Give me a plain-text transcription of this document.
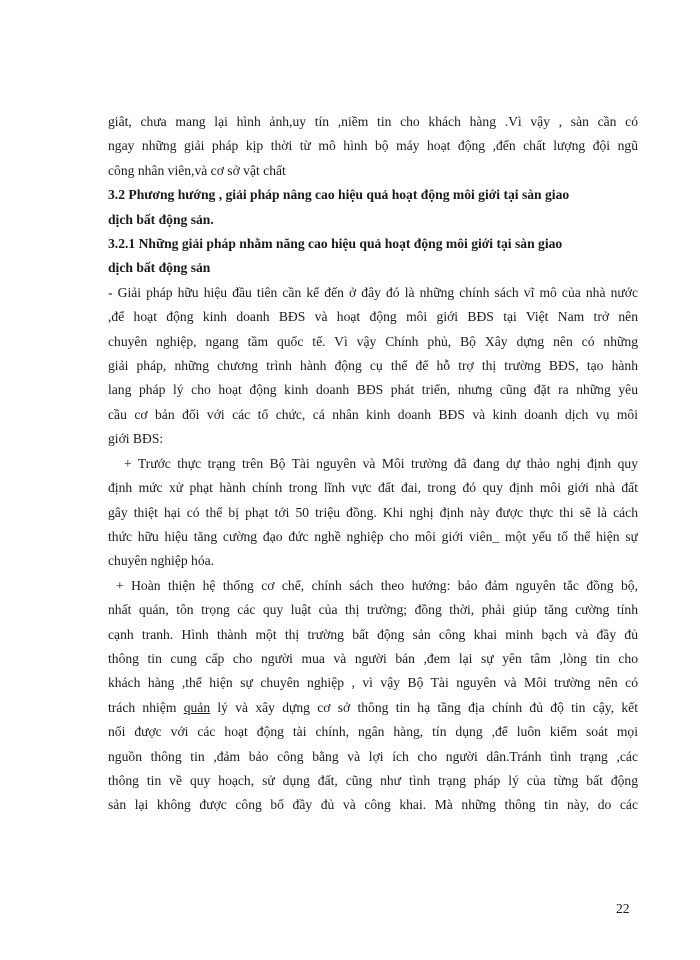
giât, chưa mang lại hình ảnh,uy tín ,niềm tin cho khách hàng .Vì vậy , sàn cần có
ngay những giải pháp kịp thời từ mô hình bộ máy hoạt động ,đến chất lượng đội ngũ
công nhân viên,và cơ sở vật chất
3.2 Phương hướng , giải pháp nâng cao hiệu quả hoạt động môi giới tại sàn giao
dịch bất động sản.
3.2.1 Những giải pháp nhằm năng cao hiệu quả hoạt động môi giới tại sàn giao
dịch bất động sản
- Giải pháp hữu hiệu đầu tiên cần kể đến ở đây đó là những chính sách vĩ mô của nhà nước
,để hoạt động kinh doanh BĐS và hoạt động môi giới BĐS tại Việt Nam trở nên
chuyên nghiệp, ngang tầm quốc tế. Vì vậy Chính phủ, Bộ Xây dựng nên có những
giải pháp, những chương trình hành động cụ thể để hỗ trợ thị trường BĐS, tạo hành
lang pháp lý cho hoạt động kinh doanh BĐS phát triển, nhưng cũng đặt ra những yêu
cầu cơ bản đối với các tổ chức, cá nhân kinh doanh BĐS và kinh doanh dịch vụ môi
giới BĐS:
+ Trước thực trạng trên Bộ Tài nguyên và Môi trường đã đang dự thảo nghị định quy
định mức xử phạt hành chính trong lĩnh vực đất đai, trong đó quy định môi giới nhà đất
gây thiệt hại có thể bị phạt tới 50 triệu đồng. Khi nghị định này được thực thi sẽ là cách
thức hữu hiệu tăng cường đạo đức nghề nghiệp cho môi giới viên_ một yếu tố thể hiện sự
chuyên nghiệp hóa.
+ Hoàn thiện hệ thống cơ chế, chính sách theo hướng: bảo đảm nguyên tắc đồng bộ,
nhất quán, tôn trọng các quy luật của thị trường; đồng thời, phải giúp tăng cường tính
cạnh tranh. Hình thành một thị trường bất động sản công khai minh bạch và đầy đủ
thông tin cung cấp cho người mua và người bán ,đem lại sự yên tâm ,lòng tin cho
khách hàng ,thể hiện sự chuyên nghiệp , vì vậy Bộ Tài nguyên và Môi trường nên có
trách nhiệm quản lý và xây dựng cơ sở thông tin hạ tầng địa chính đủ độ tin cậy, kết
nối được với các hoạt động tài chính, ngân hàng, tín dụng ,để luôn kiểm soát mọi
nguồn thông tin ,đảm bảo công bằng và lợi ích cho người dân.Tránh tình trạng ,các
thông tin về quy hoạch, sử dụng đất, cũng như tình trạng pháp lý của từng bất động
sản lại không được công bố đầy đủ và công khai. Mà những thông tin này, do các
22
